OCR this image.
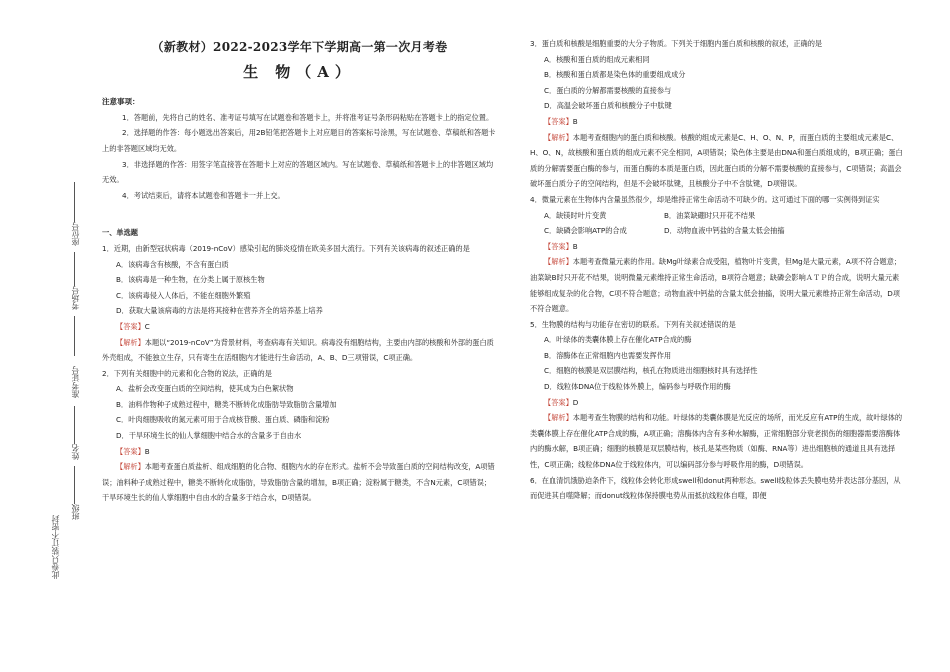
座位号
考场号
准考证号
姓名
班级
此卷只装订不密封
（新教材）2022-2023学年下学期高一第一次月考卷
生 物（A）
注意事项：

1．答题前，先将自己的姓名、准考证号填写在试题卷和答题卡上，并将准考证号条形码粘贴在答题卡上的指定位置。

2．选择题的作答：每小题选出答案后，用2B铅笔把答题卡上对应题目的答案标号涂黑，写在试题卷、草稿纸和答题卡上的非答题区域均无效。

3．非选择题的作答：用签字笔直接答在答题卡上对应的答题区域内。写在试题卷、草稿纸和答题卡上的非答题区域均无效。

4．考试结束后，请将本试题卷和答题卡一并上交。

一、单选题

1．近期，由新型冠状病毒（2019-nCoV）感染引起的肺炎疫情在欧美多国大流行。下列有关该病毒的叙述正确的是

A．该病毒含有核酸，不含有蛋白质

B．该病毒是一种生物，在分类上属于原核生物

C．该病毒侵入人体后，不能在细胞外繁殖

D．获取大量该病毒的方法是将其接种在营养齐全的培养基上培养

【答案】C

【解析】本题以“2019-nCoV”为背景材料，考查病毒有关知识。病毒没有细胞结构，主要由内部的核酸和外部的蛋白质外壳组成，不能独立生存，只有寄生在活细胞内才能进行生命活动，A、B、D三项错误，C项正确。

2．下列有关细胞中的元素和化合物的说法，正确的是

A．盐析会改变蛋白质的空间结构，使其成为白色絮状物

B．油料作物种子成熟过程中，糖类不断转化成脂肪导致脂肪含量增加

C．叶肉细胞吸收的氮元素可用于合成核苷酸、蛋白质、磷脂和淀粉

D．干旱环境生长的仙人掌细胞中结合水的含量多于自由水

【答案】B

【解析】本题考查蛋白质盐析、组成细胞的化合物、细胞内水的存在形式。盐析不会导致蛋白质的空间结构改变，A项错误；油料种子成熟过程中，糖类不断转化成脂肪，导致脂肪含量的增加，B项正确；淀粉属于糖类，不含N元素，C项错误；干旱环境生长的仙人掌细胞中自由水的含量多于结合水，D项错误。

3．蛋白质和核酸是细胞重要的大分子物质。下列关于细胞内蛋白质和核酸的叙述，正确的是

A．核酸和蛋白质的组成元素相同

B．核酸和蛋白质都是染色体的重要组成成分

C．蛋白质的分解都需要核酸的直接参与

D．高温会破坏蛋白质和核酸分子中肽键

【答案】B

【解析】本题考查细胞内的蛋白质和核酸。核酸的组成元素是C、H、O、N、P，而蛋白质的主要组成元素是C、H、O、N，故核酸和蛋白质的组成元素不完全相同，A项错误；染色体主要是由DNA和蛋白质组成的，B项正确；蛋白质的分解需要蛋白酶的参与，而蛋白酶的本质是蛋白质，因此蛋白质的分解不需要核酸的直接参与，C项错误；高温会破坏蛋白质分子的空间结构，但是不会破坏肽键，且核酸分子中不含肽键，D项错误。

4．微量元素在生物体内含量虽然很少，却是维持正常生命活动不可缺少的。这可通过下面的哪一实例得到证实

A．缺镁时叶片变黄	B．油菜缺硼时只开花不结果
C．缺磷会影响ATP的合成	D．动物血液中钙盐的含量太低会抽搐

【答案】B

【解析】本题考查微量元素的作用。缺Mg叶绿素合成受阻，植物叶片变黄，但Mg是大量元素，A项不符合题意；油菜缺B时只开花不结果，说明微量元素维持正常生命活动，B项符合题意；缺磷会影响ＡＴＰ的合成，说明大量元素能够组成复杂的化合物，C项不符合题意；动物血液中钙盐的含量太低会抽搐，说明大量元素维持正常生命活动，D项不符合题意。

5．生物膜的结构与功能存在密切的联系。下列有关叙述错误的是

A．叶绿体的类囊体膜上存在催化ATP合成的酶

B．溶酶体在正常细胞内也需要发挥作用

C．细胞的核膜是双层膜结构，核孔在物质进出细胞核时具有选择性

D．线粒体DNA位于线粒体外膜上，编码参与呼吸作用的酶

【答案】D

【解析】本题考查生物膜的结构和功能。叶绿体的类囊体膜是光反应的场所，而光反应有ATP的生成，故叶绿体的类囊体膜上存在催化ATP合成的酶，A项正确；溶酶体内含有多种水解酶，正常细胞部分衰老损伤的细胞器需要溶酶体内的酶水解，B项正确；细胞的核膜是双层膜结构，核孔是某些物质（如酶、RNA等）进出细胞核的通道且具有选择性，C项正确；线粒体DNA位于线粒体内，可以编码部分参与呼吸作用的酶，D项错误。

6．在血清饥饿胁迫条件下，线粒体会转化形成swell和donut两种形态。swell线粒体丢失膜电势并表达部分基因，从而促进其自噬降解；而donut线粒体保持膜电势从而抵抗线粒体自噬，即便
